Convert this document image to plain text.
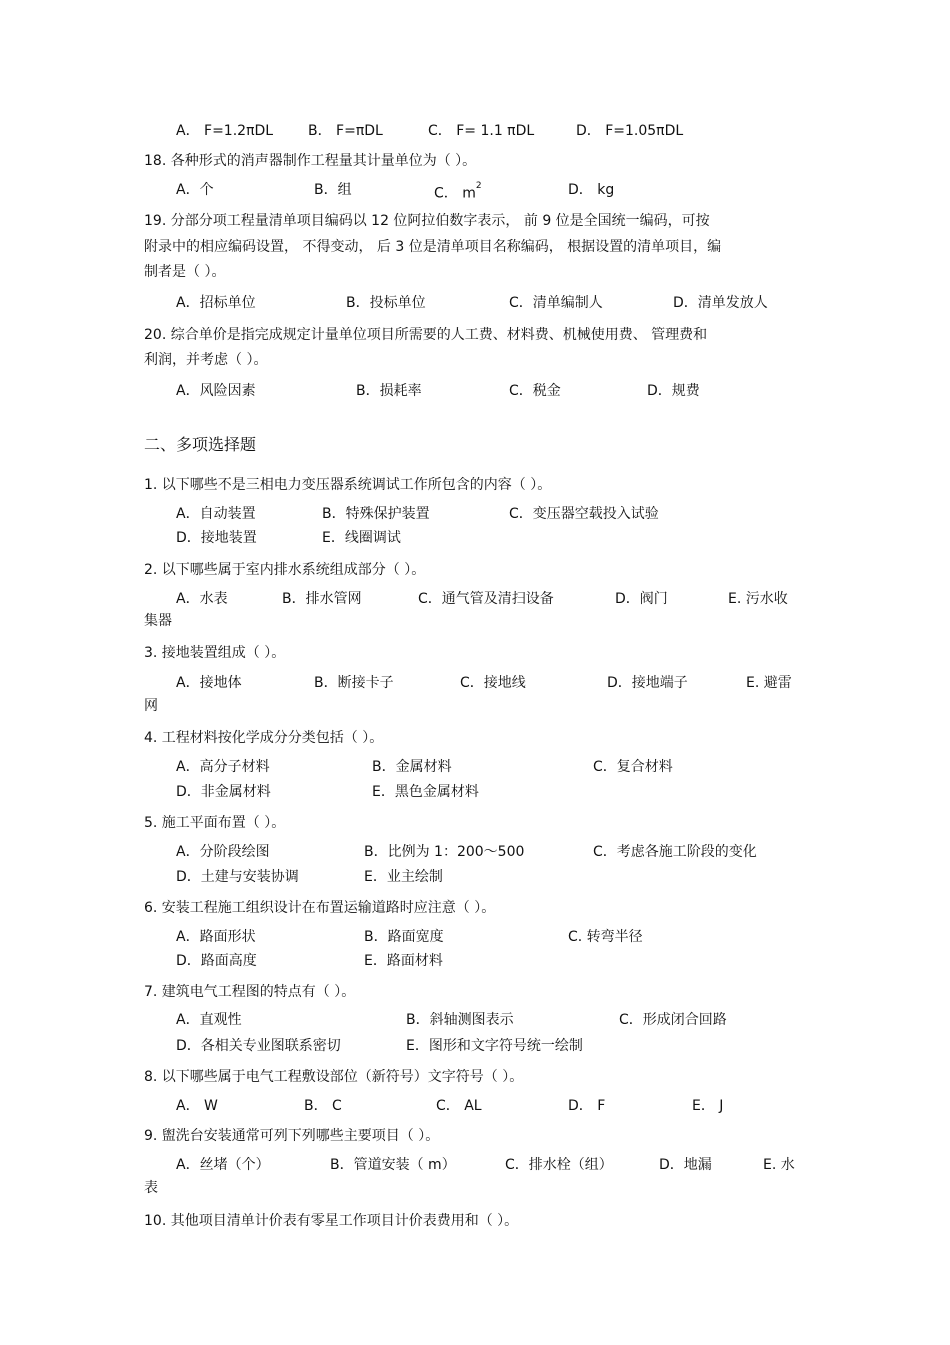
A． F=1.2πDL B． F=πDL	C． F= 1.1 πDL	D． F=1.05πDL
18. 各种形式的消声器制作工程量其计量单位为（ ）。
A．个	B．组	C． $m^2$	D． kg
19. 分部分项工程量清单项目编码以 12 位阿拉伯数字表示， 前 9 位是全国统一编码，可按
附录中的相应编码设置， 不得变动， 后 3 位是清单项目名称编码， 根据设置的清单项目，编
制者是（ ）。
A．招标单位	B．投标单位	C．清单编制人	D．清单发放人
20. 综合单价是指完成规定计量单位项目所需要的人工费、材料费、机械使用费、 管理费和
利润，并考虑（ ）。
A．风险因素	B．损耗率	C．税金	D．规费
二、多项选择题
1. 以下哪些不是三相电力变压器系统调试工作所包含的内容（ ）。
A．自动装置	B．特殊保护装置	C．变压器空载投入试验
D．接地装置	E．线圈调试
2. 以下哪些属于室内排水系统组成部分（ ）。
A．水表	B．排水管网	C．通气管及清扫设备	D．阀门	E. 污水收
集器
3. 接地装置组成（ ）。
A．接地体	B．断接卡子	C．接地线	D．接地端子	E. 避雷
网
4. 工程材料按化学成分分类包括（ ）。
A．高分子材料	B．金属材料	C．复合材料
D．非金属材料	E．黑色金属材料
5. 施工平面布置（ ）。
A．分阶段绘图	B．比例为 1：200～500	C．考虑各施工阶段的变化
D．土建与安装协调	E．业主绘制
6. 安装工程施工组织设计在布置运输道路时应注意（ ）。
A．路面形状	B．路面宽度	C. 转弯半径
D．路面高度	E．路面材料
7. 建筑电气工程图的特点有（ ）。
A．直观性	B．斜轴测图表示	C．形成闭合回路
D．各相关专业图联系密切	E．图形和文字符号统一绘制
8. 以下哪些属于电气工程敷设部位（新符号）文字符号（ ）。
A． W	B． C	C． AL	D． F	E． J
9. 盥洗台安装通常可列下列哪些主要项目（ ）。
A．丝堵（个）	B．管道安装（ m）	C．排水栓（组）	D．地漏	E. 水
表
10. 其他项目清单计价表有零星工作项目计价表费用和（ ）。
